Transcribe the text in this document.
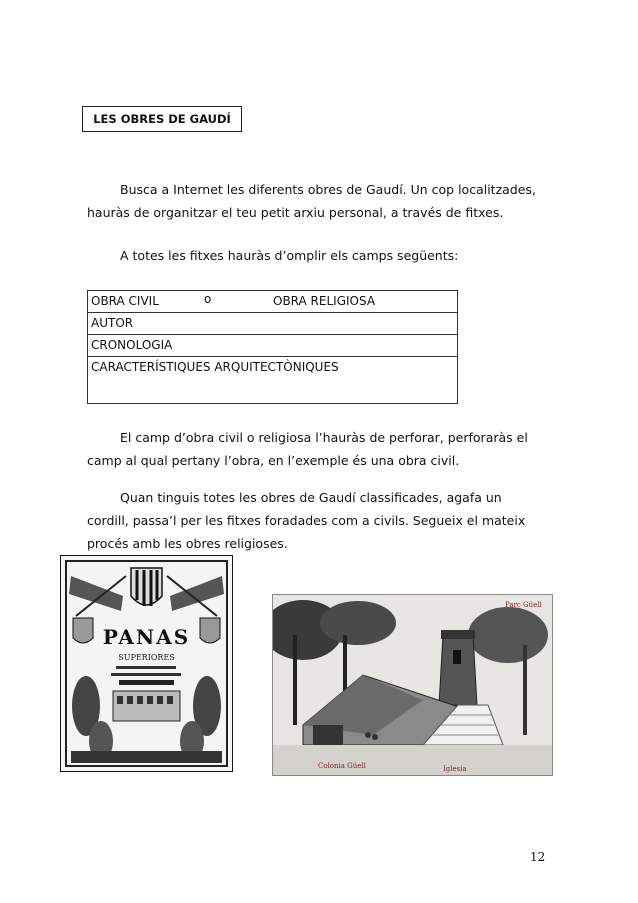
LES OBRES DE GAUDÍ

Busca a Internet les diferents obres de Gaudí. Un cop localitzades, hauràs de organitzar el teu petit arxiu personal, a través de fitxes.

A totes les fitxes hauràs d’omplir els camps següents:

OBRA CIVIL	o	OBRA RELIGIOSA
AUTOR
CRONOLOGIA
CARACTERÍSTIQUES ARQUITECTÒNIQUES

El camp d’obra civil o religiosa l’hauràs de perforar, perforaràs el camp al qual pertany l’obra, en l’exemple és una obra civil.

Quan tinguis totes les obres de Gaudí classificades, agafa un cordill, passa’l per les fitxes foradades com a civils. Segueix el mateix procés amb les obres religioses.

PANAS
SUPERIORES
Parc Güell
Colonia Güell	Iglesia
12
